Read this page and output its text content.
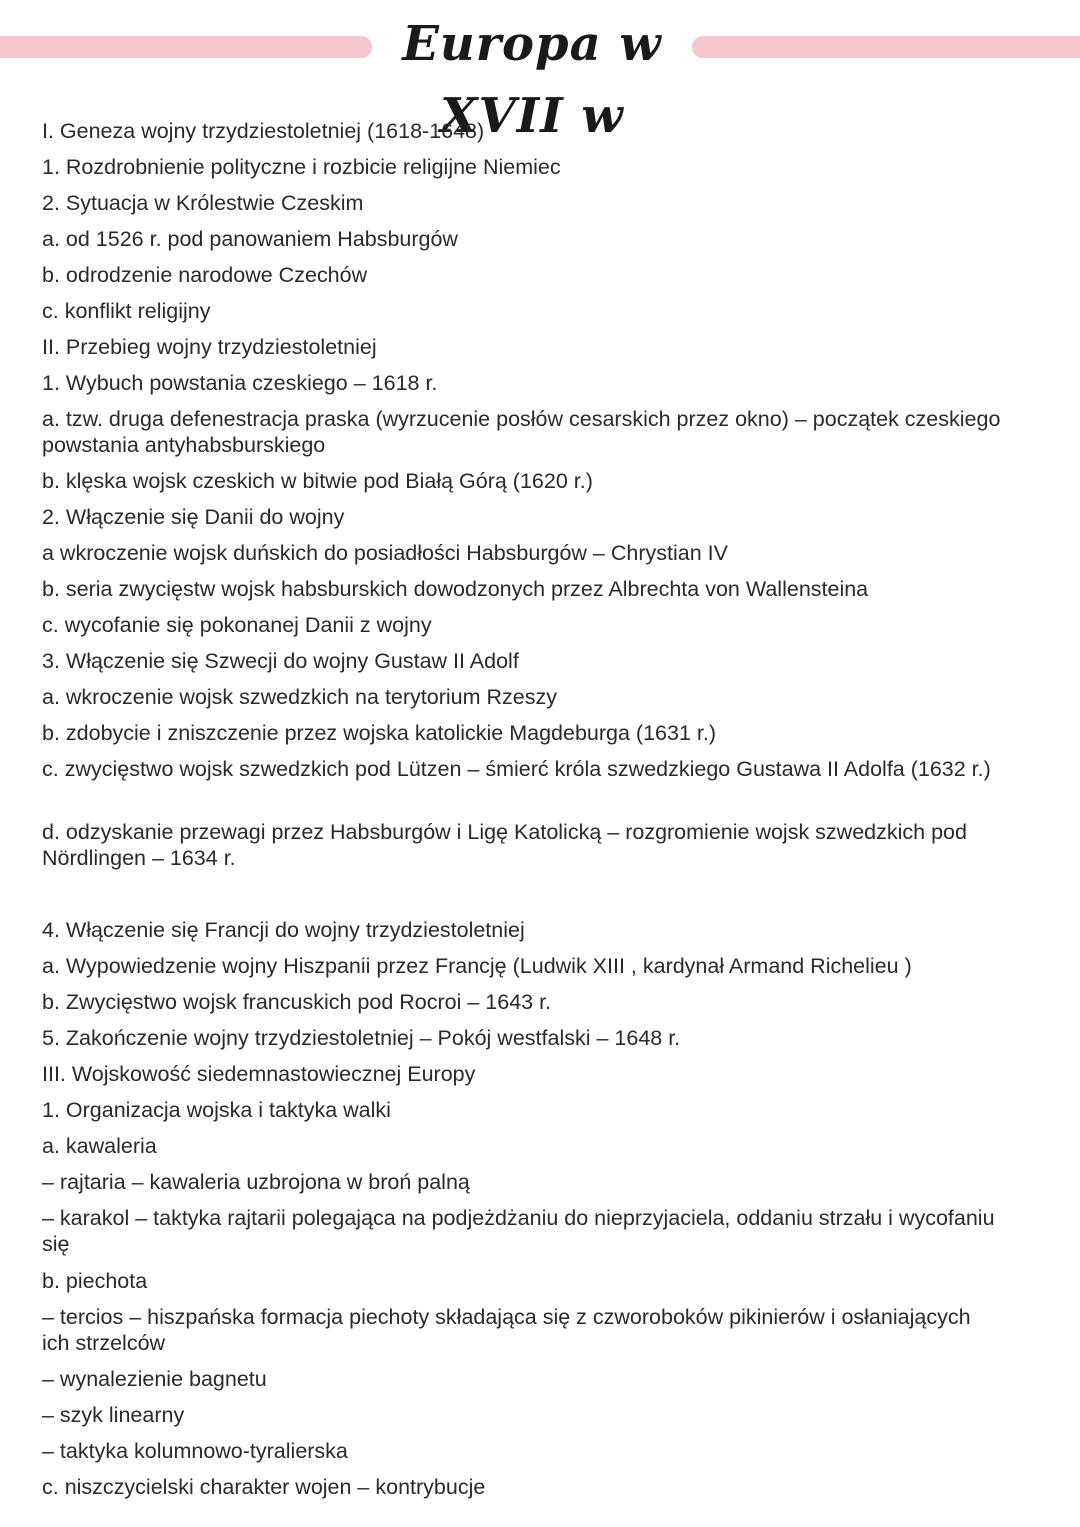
Europa w XVII w
I. Geneza wojny trzydziestoletniej (1618-1648)
1. Rozdrobnienie polityczne i rozbicie religijne Niemiec
2. Sytuacja w Królestwie Czeskim
a. od 1526 r. pod panowaniem Habsburgów
b. odrodzenie narodowe Czechów
c. konflikt religijny
II. Przebieg wojny trzydziestoletniej
1. Wybuch powstania czeskiego – 1618 r.
a. tzw. druga defenestracja praska (wyrzucenie posłów cesarskich przez okno) – początek czeskiego powstania antyhabsburskiego
b. klęska wojsk czeskich w bitwie pod Białą Górą (1620 r.)
2. Włączenie się Danii do wojny
a wkroczenie wojsk duńskich do posiadłości Habsburgów – Chrystian IV
b. seria zwycięstw wojsk habsburskich dowodzonych przez Albrechta von Wallensteina
c. wycofanie się pokonanej Danii z wojny
3. Włączenie się Szwecji do wojny Gustaw II Adolf
a. wkroczenie wojsk szwedzkich na terytorium Rzeszy
b. zdobycie i zniszczenie przez wojska katolickie Magdeburga (1631 r.)
c. zwycięstwo wojsk szwedzkich pod Lützen – śmierć króla szwedzkiego Gustawa II Adolfa (1632 r.)
d. odzyskanie przewagi przez Habsburgów i Ligę Katolicką – rozgromienie wojsk szwedzkich pod Nördlingen – 1634 r.
4. Włączenie się Francji do wojny trzydziestoletniej
a. Wypowiedzenie wojny Hiszpanii przez Francję (Ludwik XIII , kardynał Armand Richelieu )
b. Zwycięstwo wojsk francuskich pod Rocroi – 1643 r.
5. Zakończenie wojny trzydziestoletniej – Pokój westfalski – 1648 r.
III. Wojskowość siedemnastowiecznej Europy
1. Organizacja wojska i taktyka walki
a. kawaleria
– rajtaria – kawaleria uzbrojona w broń palną
– karakol – taktyka rajtarii polegająca na podjeżdżaniu do nieprzyjaciela, oddaniu strzału i wycofaniu się
b. piechota
– tercios – hiszpańska formacja piechoty składająca się z czworoboków pikinierów i osłaniających ich strzelców
– wynalezienie bagnetu
– szyk linearny
– taktyka kolumnowo-tyralierska
c. niszczycielski charakter wojen – kontrybucje
